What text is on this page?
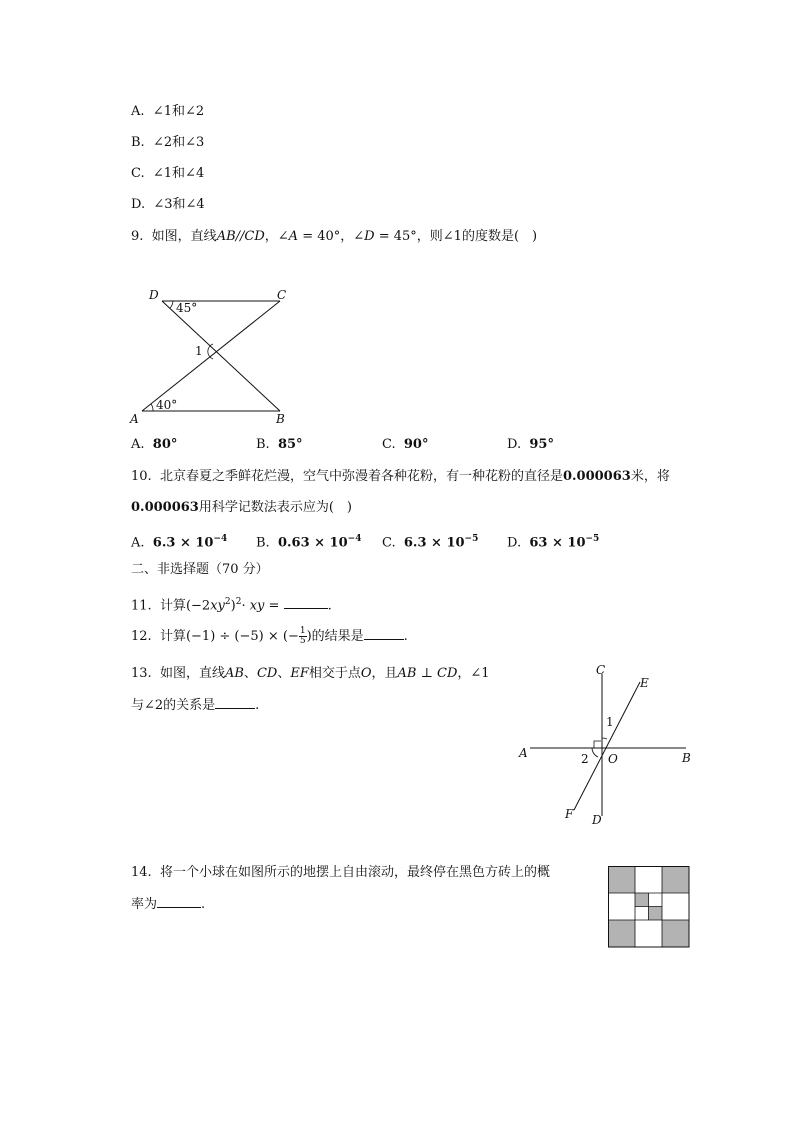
A. ∠1和∠2
B. ∠2和∠3
C. ∠1和∠4
D. ∠3和∠4
9. 如图，直线AB//CD，∠A = 40°，∠D = 45°，则∠1的度数是(　)
D	C
A	B
45°
40°
1
A. 80°	B. 85°	C. 90°	D. 95°
10. 北京春夏之季鲜花烂漫，空气中弥漫着各种花粉，有一种花粉的直径是0.000063米，将
0.000063用科学记数法表示应为(　)
A. $6.3 \times 10^{-4}$ B. $0.63 \times 10^{-4}$ C. $6.3 \times 10^{-5}$ D. $63 \times 10^{-5}$
二、非选择题（70 分）
11. 计算$(-2xy^2)^2\cdot$ xy =	.
12. 计算(−1) ÷ (−5) × (− $\frac{1}{5}$ )的结果是	.
13. 如图，直线AB、CD、EF相交于点O，且AB ⊥ CD，∠1
与∠2的关系是	.
A	B
C
D
E
F
O
1
2
14. 将一个小球在如图所示的地摆上自由滚动，最终停在黑色方砖上的概
率为	.
